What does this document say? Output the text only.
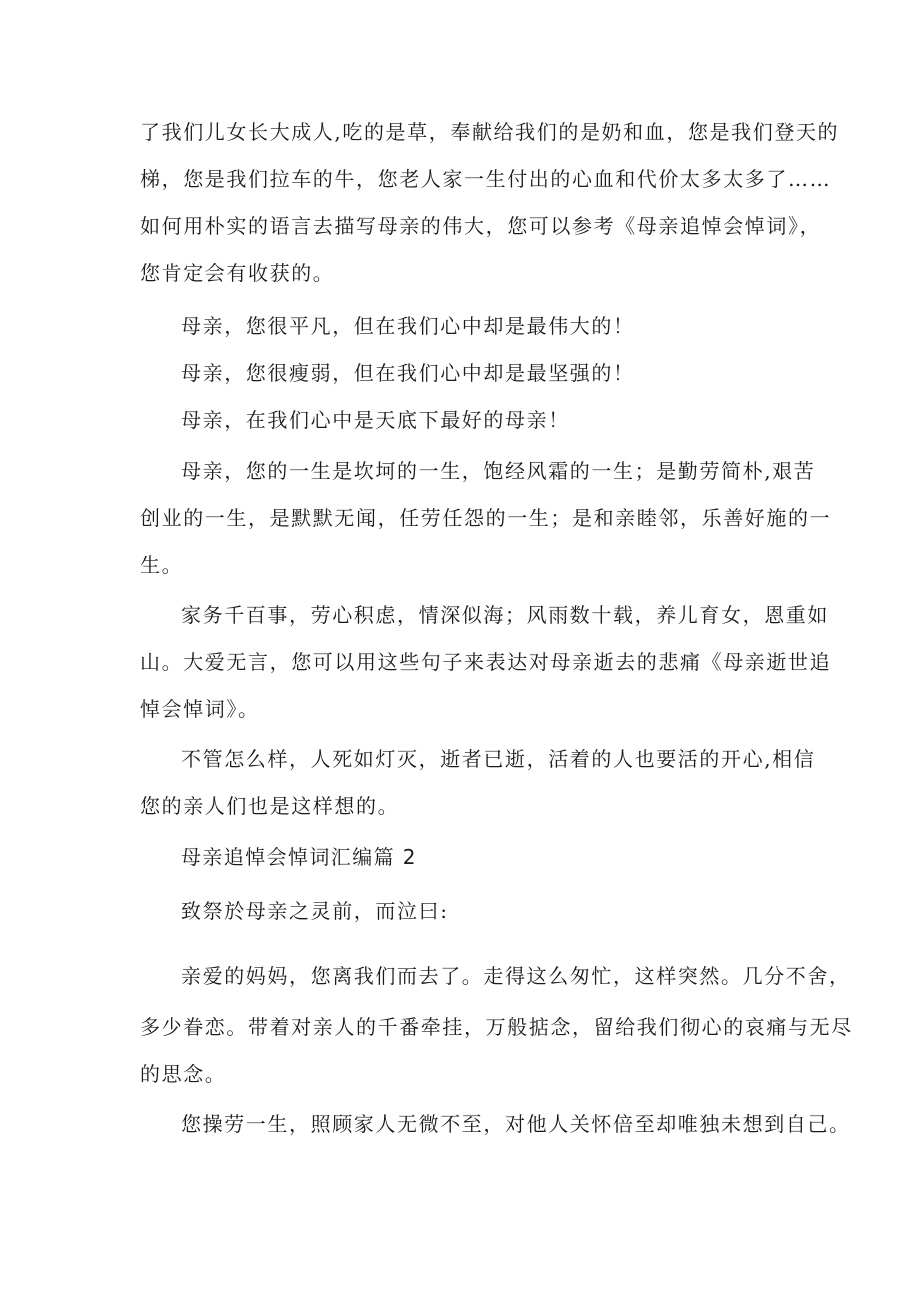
了我们儿女长大成人,吃的是草，奉献给我们的是奶和血，您是我们登天的

梯，您是我们拉车的牛，您老人家一生付出的心血和代价太多太多了……

如何用朴实的语言去描写母亲的伟大，您可以参考《母亲追悼会悼词》，

您肯定会有收获的。

母亲，您很平凡，但在我们心中却是最伟大的！

母亲，您很瘦弱，但在我们心中却是最坚强的！

母亲，在我们心中是天底下最好的母亲！

母亲，您的一生是坎坷的一生，饱经风霜的一生；是勤劳简朴,艰苦

创业的一生，是默默无闻，任劳任怨的一生；是和亲睦邻，乐善好施的一

生。

家务千百事，劳心积虑，情深似海；风雨数十载，养儿育女，恩重如

山。大爱无言，您可以用这些句子来表达对母亲逝去的悲痛《母亲逝世追

悼会悼词》。

不管怎么样，人死如灯灭，逝者已逝，活着的人也要活的开心,相信

您的亲人们也是这样想的。

母亲追悼会悼词汇编篇 2

致祭於母亲之灵前，而泣曰:

亲爱的妈妈，您离我们而去了。走得这么匆忙，这样突然。几分不舍，

多少眷恋。带着对亲人的千番牵挂，万般掂念，留给我们彻心的哀痛与无尽

的思念。

您操劳一生，照顾家人无微不至，对他人关怀倍至却唯独未想到自己。
